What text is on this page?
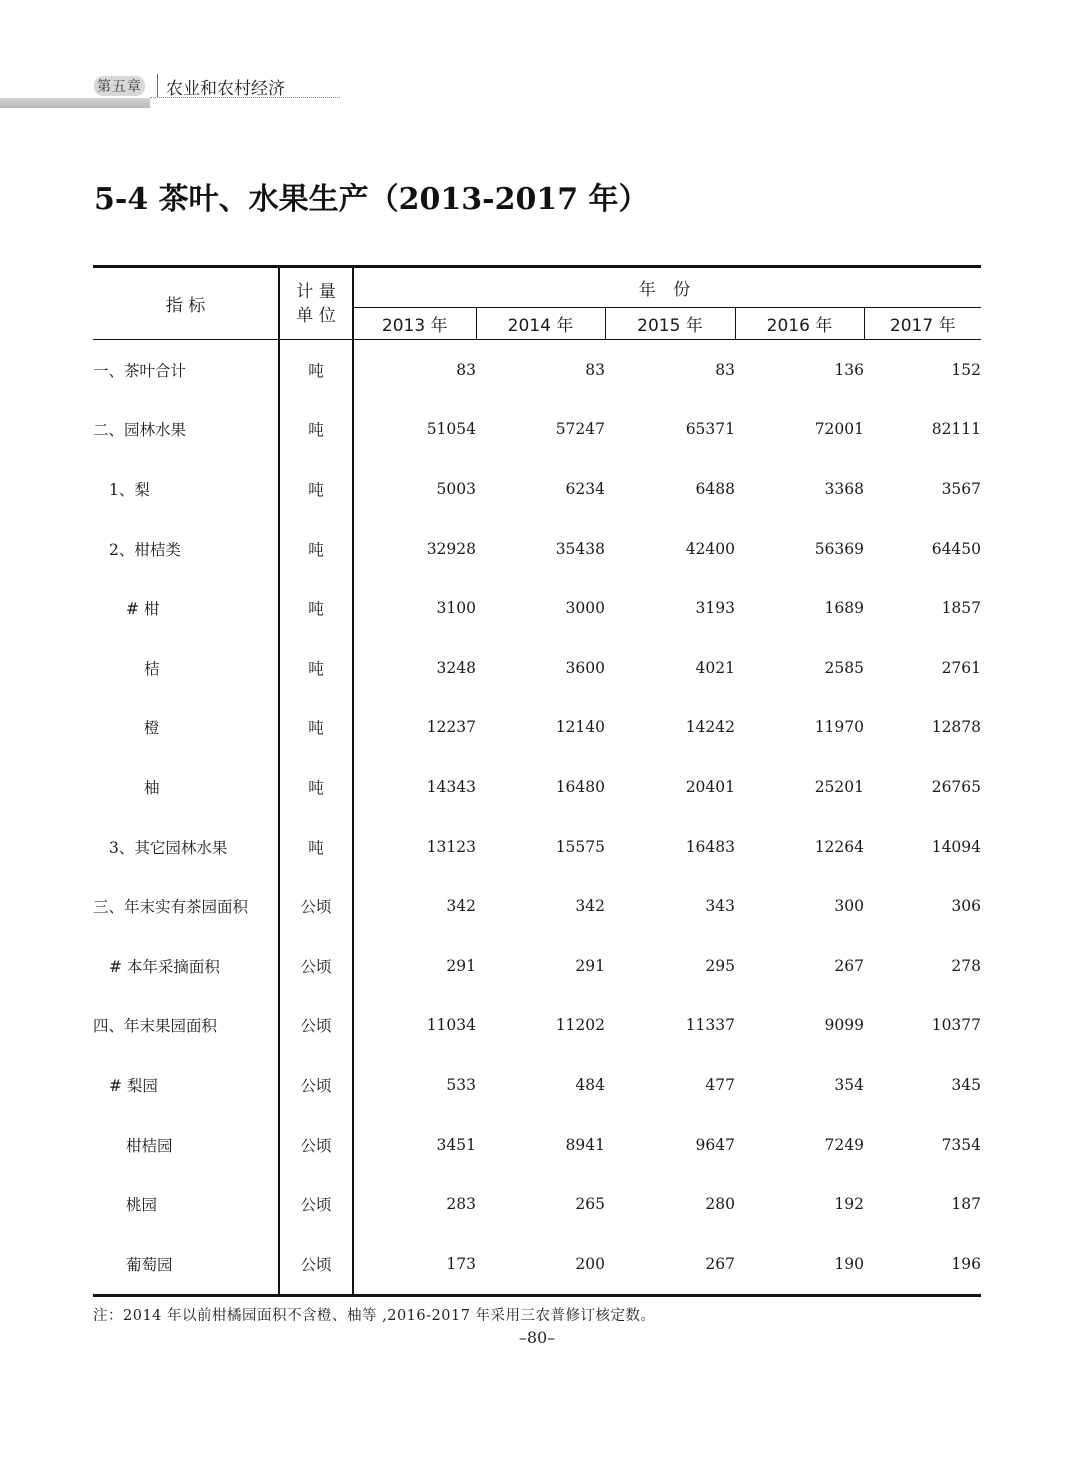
第五章 农业和农村经济
5-4 茶叶、水果生产（2013-2017 年）
指 标	计 量
单 位	年 份				
		2013 年	2014 年	2015 年	2016 年	2017 年
一、茶叶合计	吨	83	83	83	136	152
二、园林水果	吨	51054	57247	65371	72001	82111
1、梨	吨	5003	6234	6488	3368	3567
2、柑桔类	吨	32928	35438	42400	56369	64450
# 柑	吨	3100	3000	3193	1689	1857
桔	吨	3248	3600	4021	2585	2761
橙	吨	12237	12140	14242	11970	12878
柚	吨	14343	16480	20401	25201	26765
3、其它园林水果	吨	13123	15575	16483	12264	14094
三、年末实有茶园面积	公顷	342	342	343	300	306
# 本年采摘面积	公顷	291	291	295	267	278
四、年末果园面积	公顷	11034	11202	11337	9099	10377
# 梨园	公顷	533	484	477	354	345
柑桔园	公顷	3451	8941	9647	7249	7354
桃园	公顷	283	265	280	192	187
葡萄园	公顷	173	200	267	190	196
注：2014 年以前柑橘园面积不含橙、柚等 ,2016-2017 年采用三农普修订核定数。
–80–
